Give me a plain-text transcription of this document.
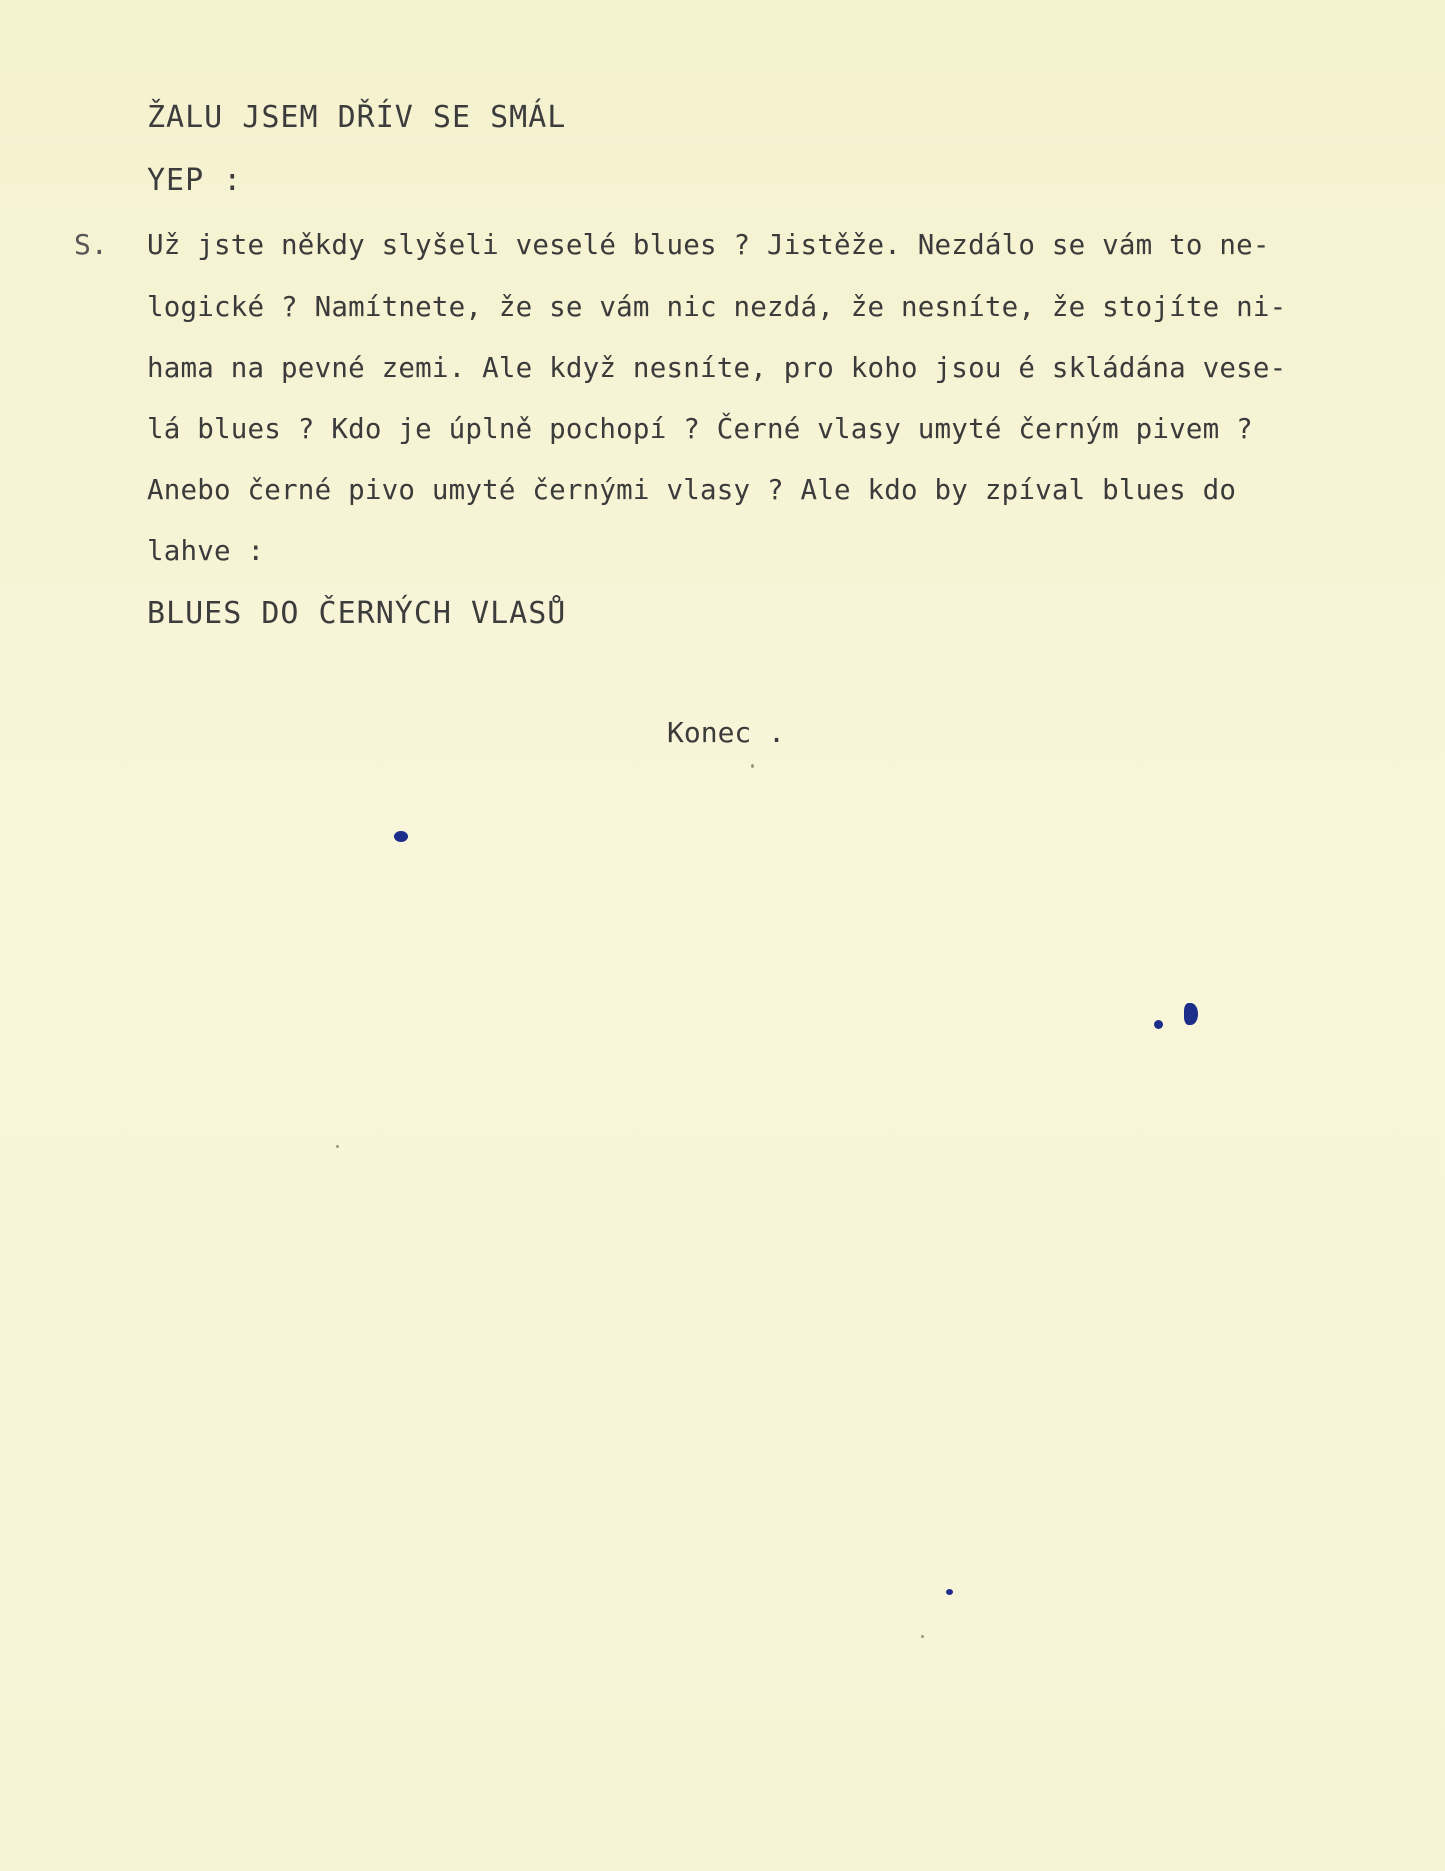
ŽALU JSEM DŘÍV SE SMÁL
YEP :
S. Už jste někdy slyšeli veselé blues ? Jistěže. Nezdálo se vám to ne-
logické ? Namítnete, že se vám nic nezdá, že nesníte, že stojíte ni-
hama na pevné zemi. Ale když nesníte, pro koho jsou é skládána vese-
lá blues ? Kdo je úplně pochopí ? Černé vlasy umyté černým pivem ?
Anebo černé pivo umyté černými vlasy ? Ale kdo by zpíval blues do
lahve :
BLUES DO ČERNÝCH VLASŮ
Konec .
